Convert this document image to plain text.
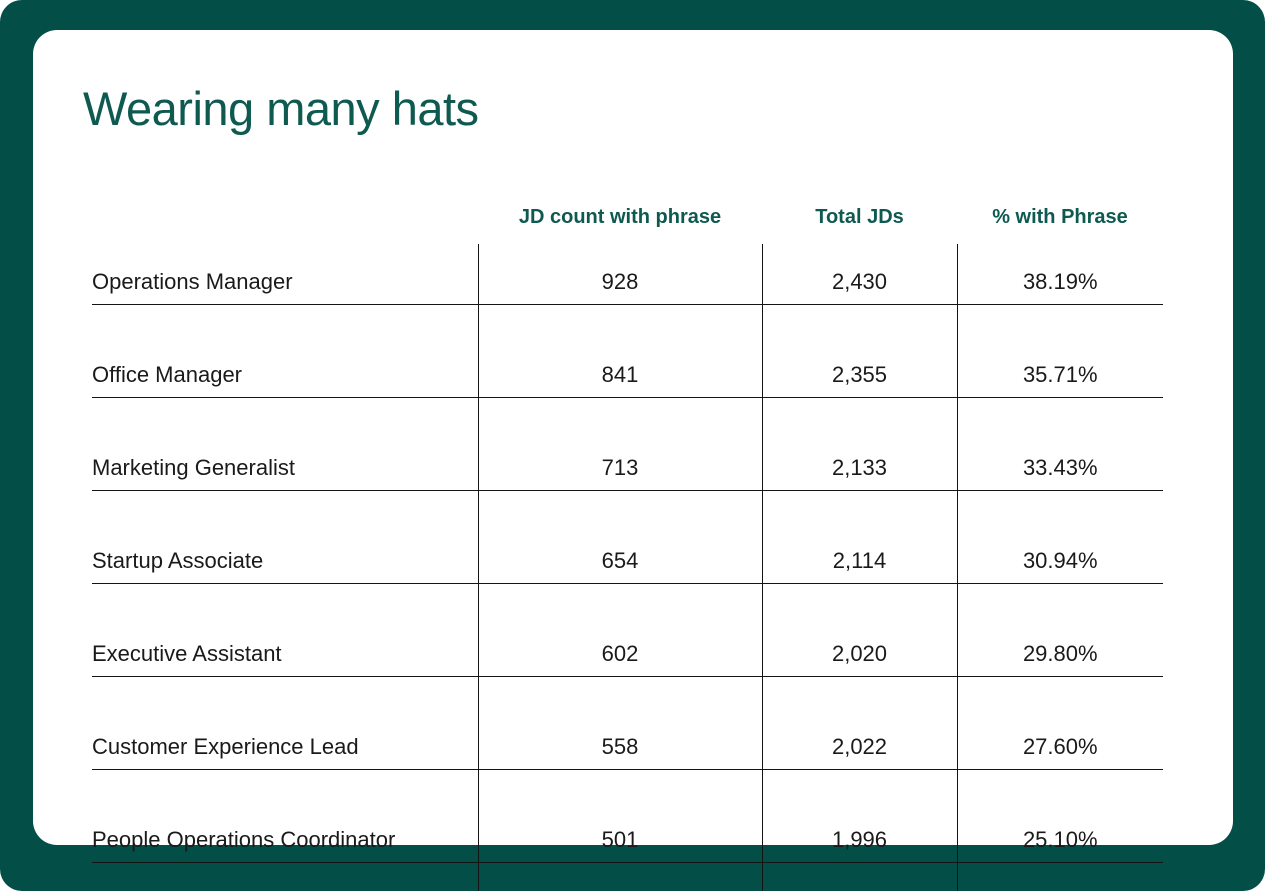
Wearing many hats
	JD count with phrase	Total JDs	% with Phrase
Operations Manager	928	2,430	38.19%
Office Manager	841	2,355	35.71%
Marketing Generalist	713	2,133	33.43%
Startup Associate	654	2,114	30.94%
Executive Assistant	602	2,020	29.80%
Customer Experience Lead	558	2,022	27.60%
People Operations Coordinator	501	1,996	25.10%
